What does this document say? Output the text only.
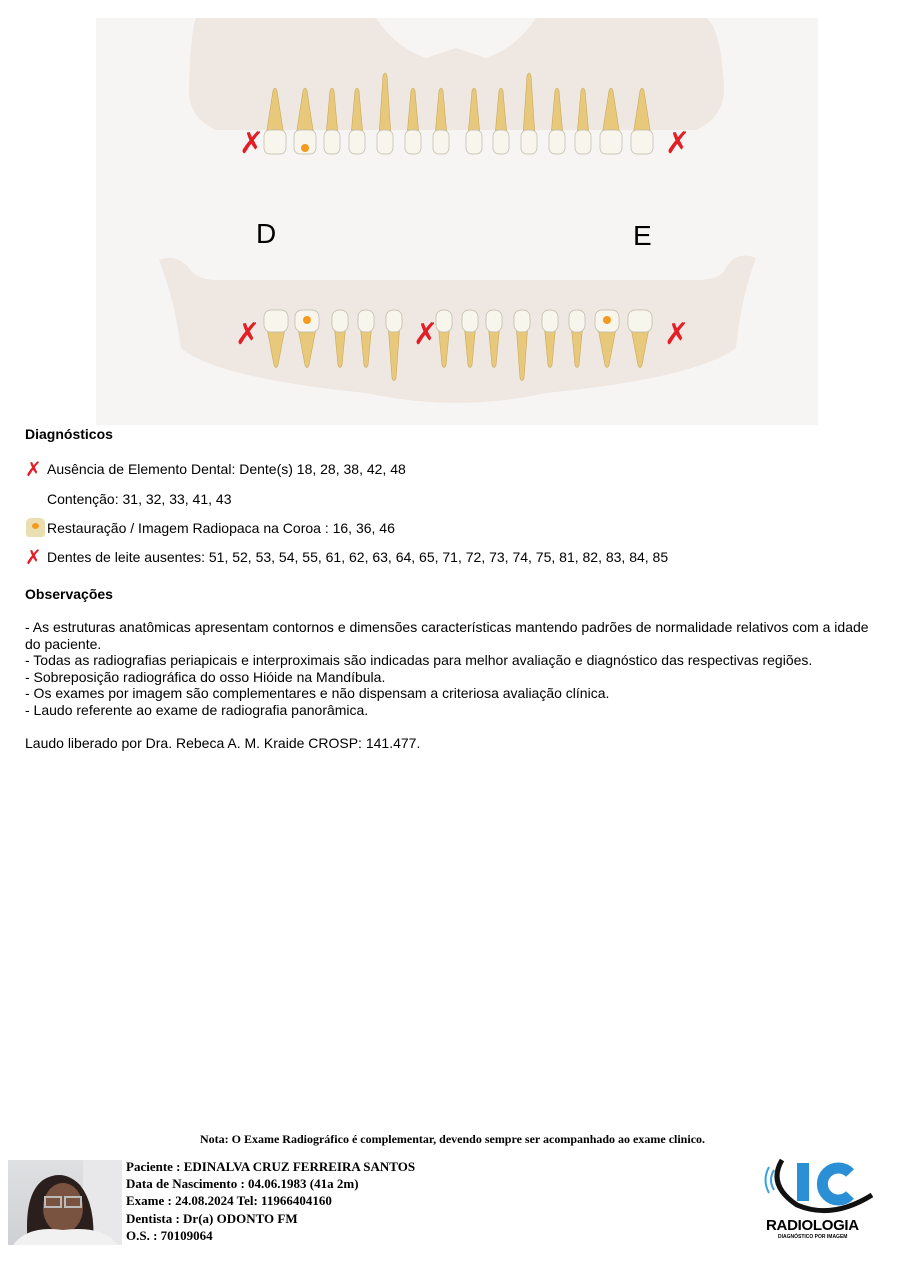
D	E
✗	✗
✗	✗	✗
Diagnósticos
✗ Ausência de Elemento Dental: Dente(s) 18, 28, 38, 42, 48
Contenção: 31, 32, 33, 41, 43
Restauração / Imagem Radiopaca na Coroa : 16, 36, 46
✗ Dentes de leite ausentes: 51, 52, 53, 54, 55, 61, 62, 63, 64, 65, 71, 72, 73, 74, 75, 81, 82, 83, 84, 85
Observações
- As estruturas anatômicas apresentam contornos e dimensões características mantendo padrões de normalidade relativos com a idade do paciente.
- Todas as radiografias periapicais e interproximais são indicadas para melhor avaliação e diagnóstico das respectivas regiões.
- Sobreposição radiográfica do osso Hióide na Mandíbula.
- Os exames por imagem são complementares e não dispensam a criteriosa avaliação clínica.
- Laudo referente ao exame de radiografia panorâmica.
Laudo liberado por Dra. Rebeca A. M. Kraide CROSP: 141.477.
Nota: O Exame Radiográfico é complementar, devendo sempre ser acompanhado ao exame clinico.
Paciente : EDINALVA CRUZ FERREIRA SANTOS
Data de Nascimento : 04.06.1983 (41a 2m)
Exame : 24.08.2024 Tel: 11966404160
Dentista : Dr(a) ODONTO FM
O.S. : 70109064
RADIOLOGIA
DIAGNÓSTICO POR IMAGEM
